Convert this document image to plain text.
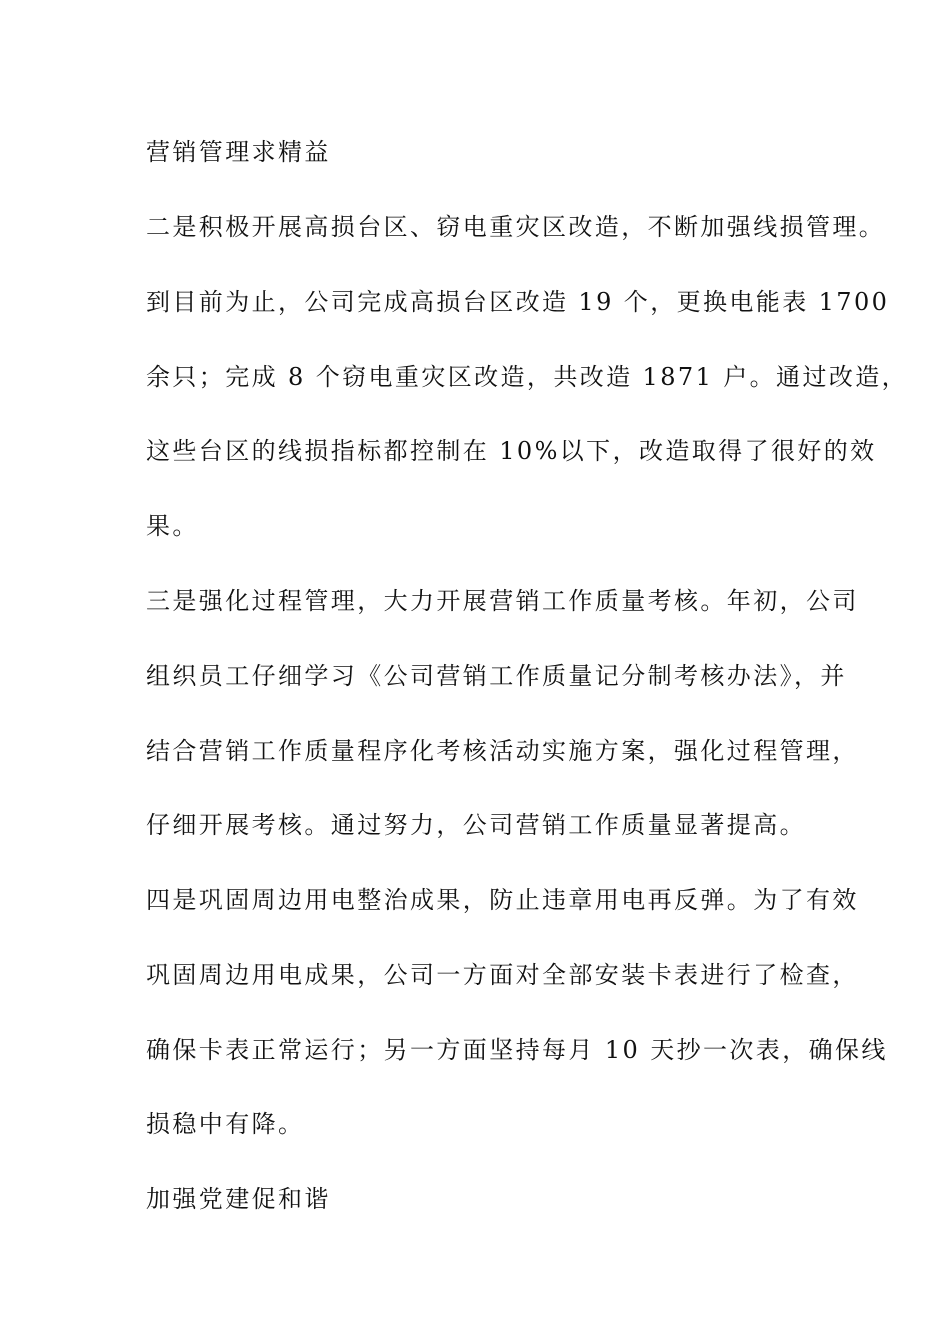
营销管理求精益
二是积极开展高损台区、窃电重灾区改造，不断加强线损管理。
到目前为止，公司完成高损台区改造 19 个，更换电能表 1700
余只；完成 8 个窃电重灾区改造，共改造 1871 户。通过改造，
这些台区的线损指标都控制在 10%以下，改造取得了很好的效
果。
三是强化过程管理，大力开展营销工作质量考核。年初，公司
组织员工仔细学习《公司营销工作质量记分制考核办法》，并
结合营销工作质量程序化考核活动实施方案，强化过程管理，
仔细开展考核。通过努力，公司营销工作质量显著提高。
四是巩固周边用电整治成果，防止违章用电再反弹。为了有效
巩固周边用电成果，公司一方面对全部安装卡表进行了检查，
确保卡表正常运行；另一方面坚持每月 10 天抄一次表，确保线
损稳中有降。
加强党建促和谐
